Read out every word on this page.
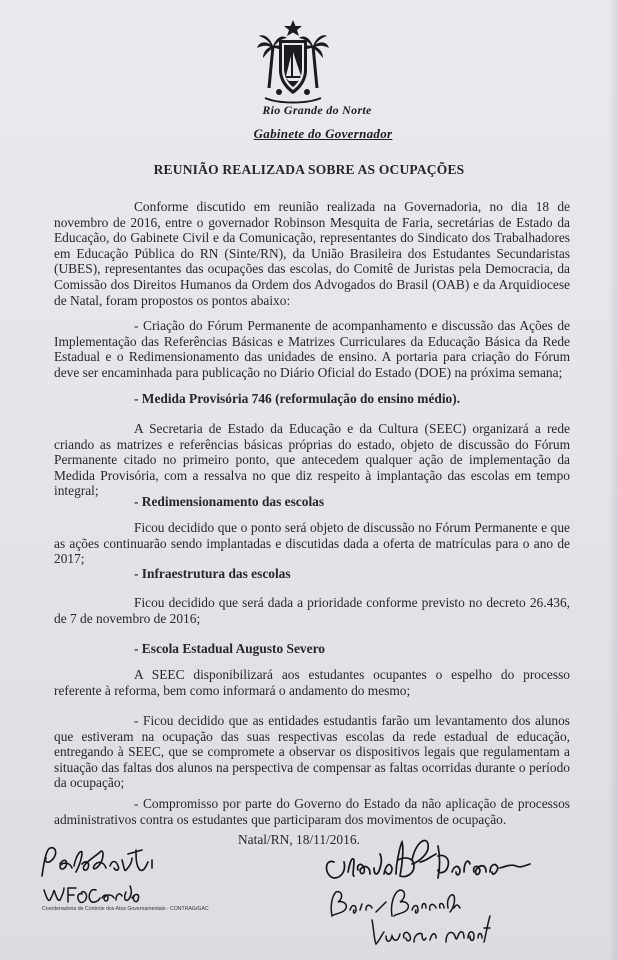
Rio Grande do Norte
Gabinete do Governador
REUNIÃO REALIZADA SOBRE AS OCUPAÇÕES
Conforme discutido em reunião realizada na Governadoria, no dia 18 de novembro de 2016, entre o governador Robinson Mesquita de Faria, secretárias de Estado da Educação, do Gabinete Civil e da Comunicação, representantes do Sindicato dos Trabalhadores em Educação Pública do RN (Sinte/RN), da União Brasileira dos Estudantes Secundaristas (UBES), representantes das ocupações das escolas, do Comitê de Juristas pela Democracia, da Comissão dos Direitos Humanos da Ordem dos Advogados do Brasil (OAB) e da Arquidiocese de Natal, foram propostos os pontos abaixo:
- Criação do Fórum Permanente de acompanhamento e discussão das Ações de Implementação das Referências Básicas e Matrizes Curriculares da Educação Básica da Rede Estadual e o Redimensionamento das unidades de ensino. A portaria para criação do Fórum deve ser encaminhada para publicação no Diário Oficial do Estado (DOE) na próxima semana;
- Medida Provisória 746 (reformulação do ensino médio).
A Secretaria de Estado da Educação e da Cultura (SEEC) organizará a rede criando as matrizes e referências básicas próprias do estado, objeto de discussão do Fórum Permanente citado no primeiro ponto, que antecedem qualquer ação de implementação da Medida Provisória, com a ressalva no que diz respeito à implantação das escolas em tempo integral;
- Redimensionamento das escolas
Ficou decidido que o ponto será objeto de discussão no Fórum Permanente e que as ações continuarão sendo implantadas e discutidas dada a oferta de matrículas para o ano de 2017;
- Infraestrutura das escolas
Ficou decidido que será dada a prioridade conforme previsto no decreto 26.436, de 7 de novembro de 2016;
- Escola Estadual Augusto Severo
A SEEC disponibilizará aos estudantes ocupantes o espelho do processo referente à reforma, bem como informará o andamento do mesmo;
- Ficou decidido que as entidades estudantis farão um levantamento dos alunos que estiveram na ocupação das suas respectivas escolas da rede estadual de educação, entregando à SEEC, que se compromete a observar os dispositivos legais que regulamentam a situação das faltas dos alunos na perspectiva de compensar as faltas ocorridas durante o período da ocupação;
- Compromisso por parte do Governo do Estado da não aplicação de processos administrativos contra os estudantes que participaram dos movimentos de ocupação.
Natal/RN, 18/11/2016.
Coordenadoria de Controle dos Atos Governamentais - CONTRAG/GAC
